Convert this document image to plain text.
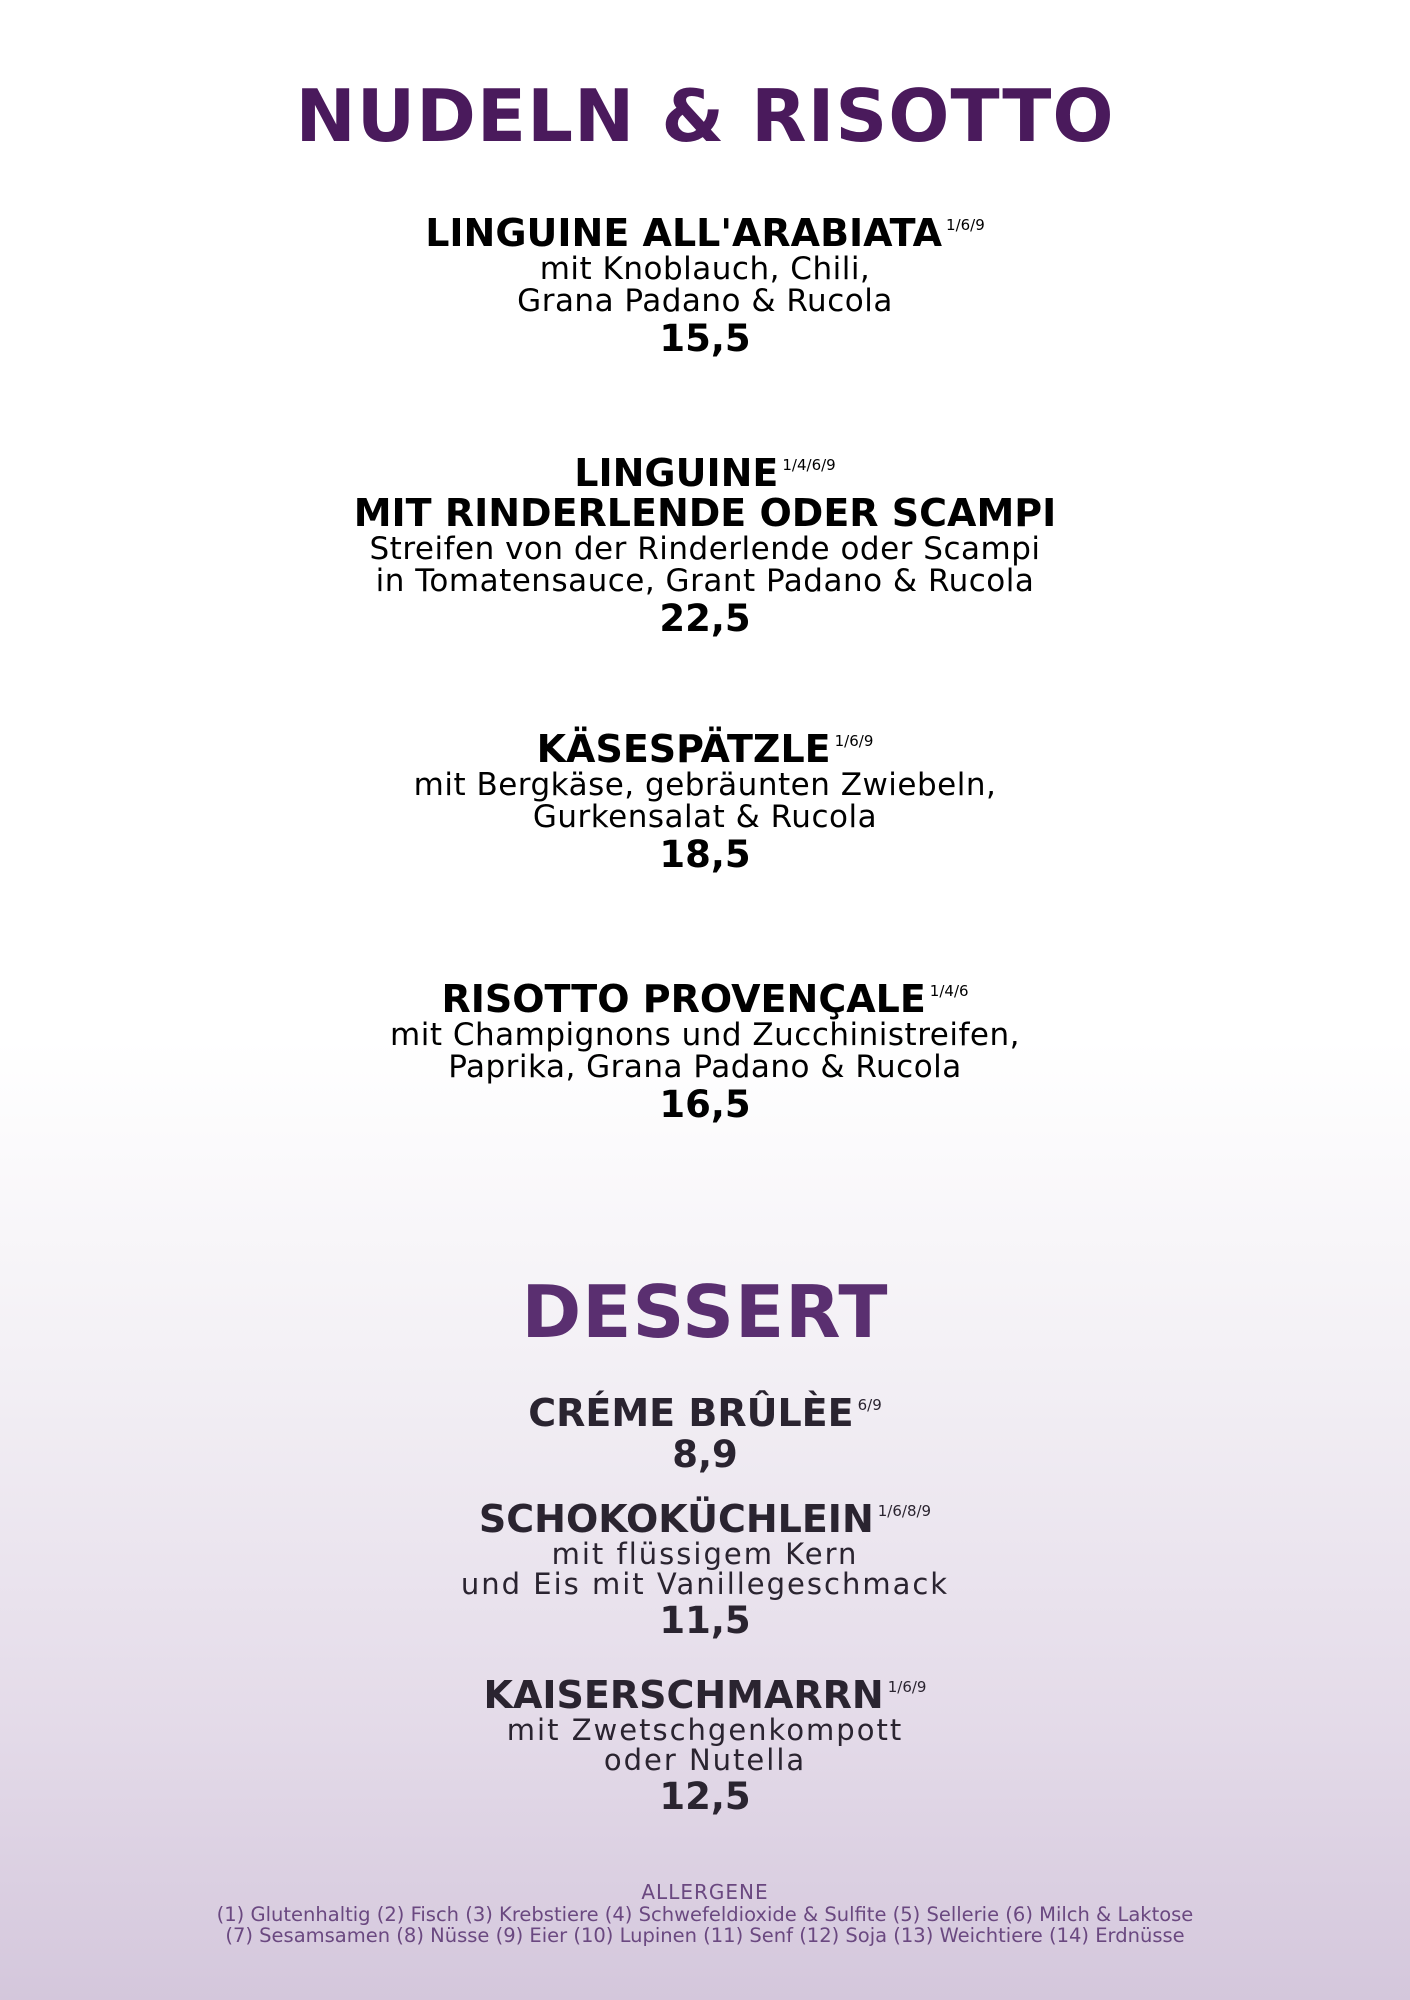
NUDELN & RISOTTO
LINGUINE ALL'ARABIATA $^{1/6/9}$
mit Knoblauch, Chili,
Grana Padano & Rucola
15,5
LINGUINE $^{1/4/6/9}$
MIT RINDERLENDE ODER SCAMPI
Streifen von der Rinderlende oder Scampi
in Tomatensauce, Grant Padano & Rucola
22,5
KÄSESPÄTZLE $^{1/6/9}$
mit Bergkäse, gebräunten Zwiebeln,
Gurkensalat & Rucola
18,5
RISOTTO PROVENÇALE $^{1/4/6}$
mit Champignons und Zucchinistreifen,
Paprika, Grana Padano & Rucola
16,5
DESSERT
CRÉME BRÛLÈE $^{6/9}$
8,9
SCHOKOKÜCHLEIN $^{1/6/8/9}$
mit flüssigem Kern
und Eis mit Vanillegeschmack
11,5
KAISERSCHMARRN $^{1/6/9}$
mit Zwetschgenkompott
oder Nutella
12,5
ALLERGENE
(1) Glutenhaltig (2) Fisch (3) Krebstiere (4) Schwefeldioxide & Sulfite (5) Sellerie (6) Milch & Laktose
(7) Sesamsamen (8) Nüsse (9) Eier (10) Lupinen (11) Senf (12) Soja (13) Weichtiere (14) Erdnüsse
